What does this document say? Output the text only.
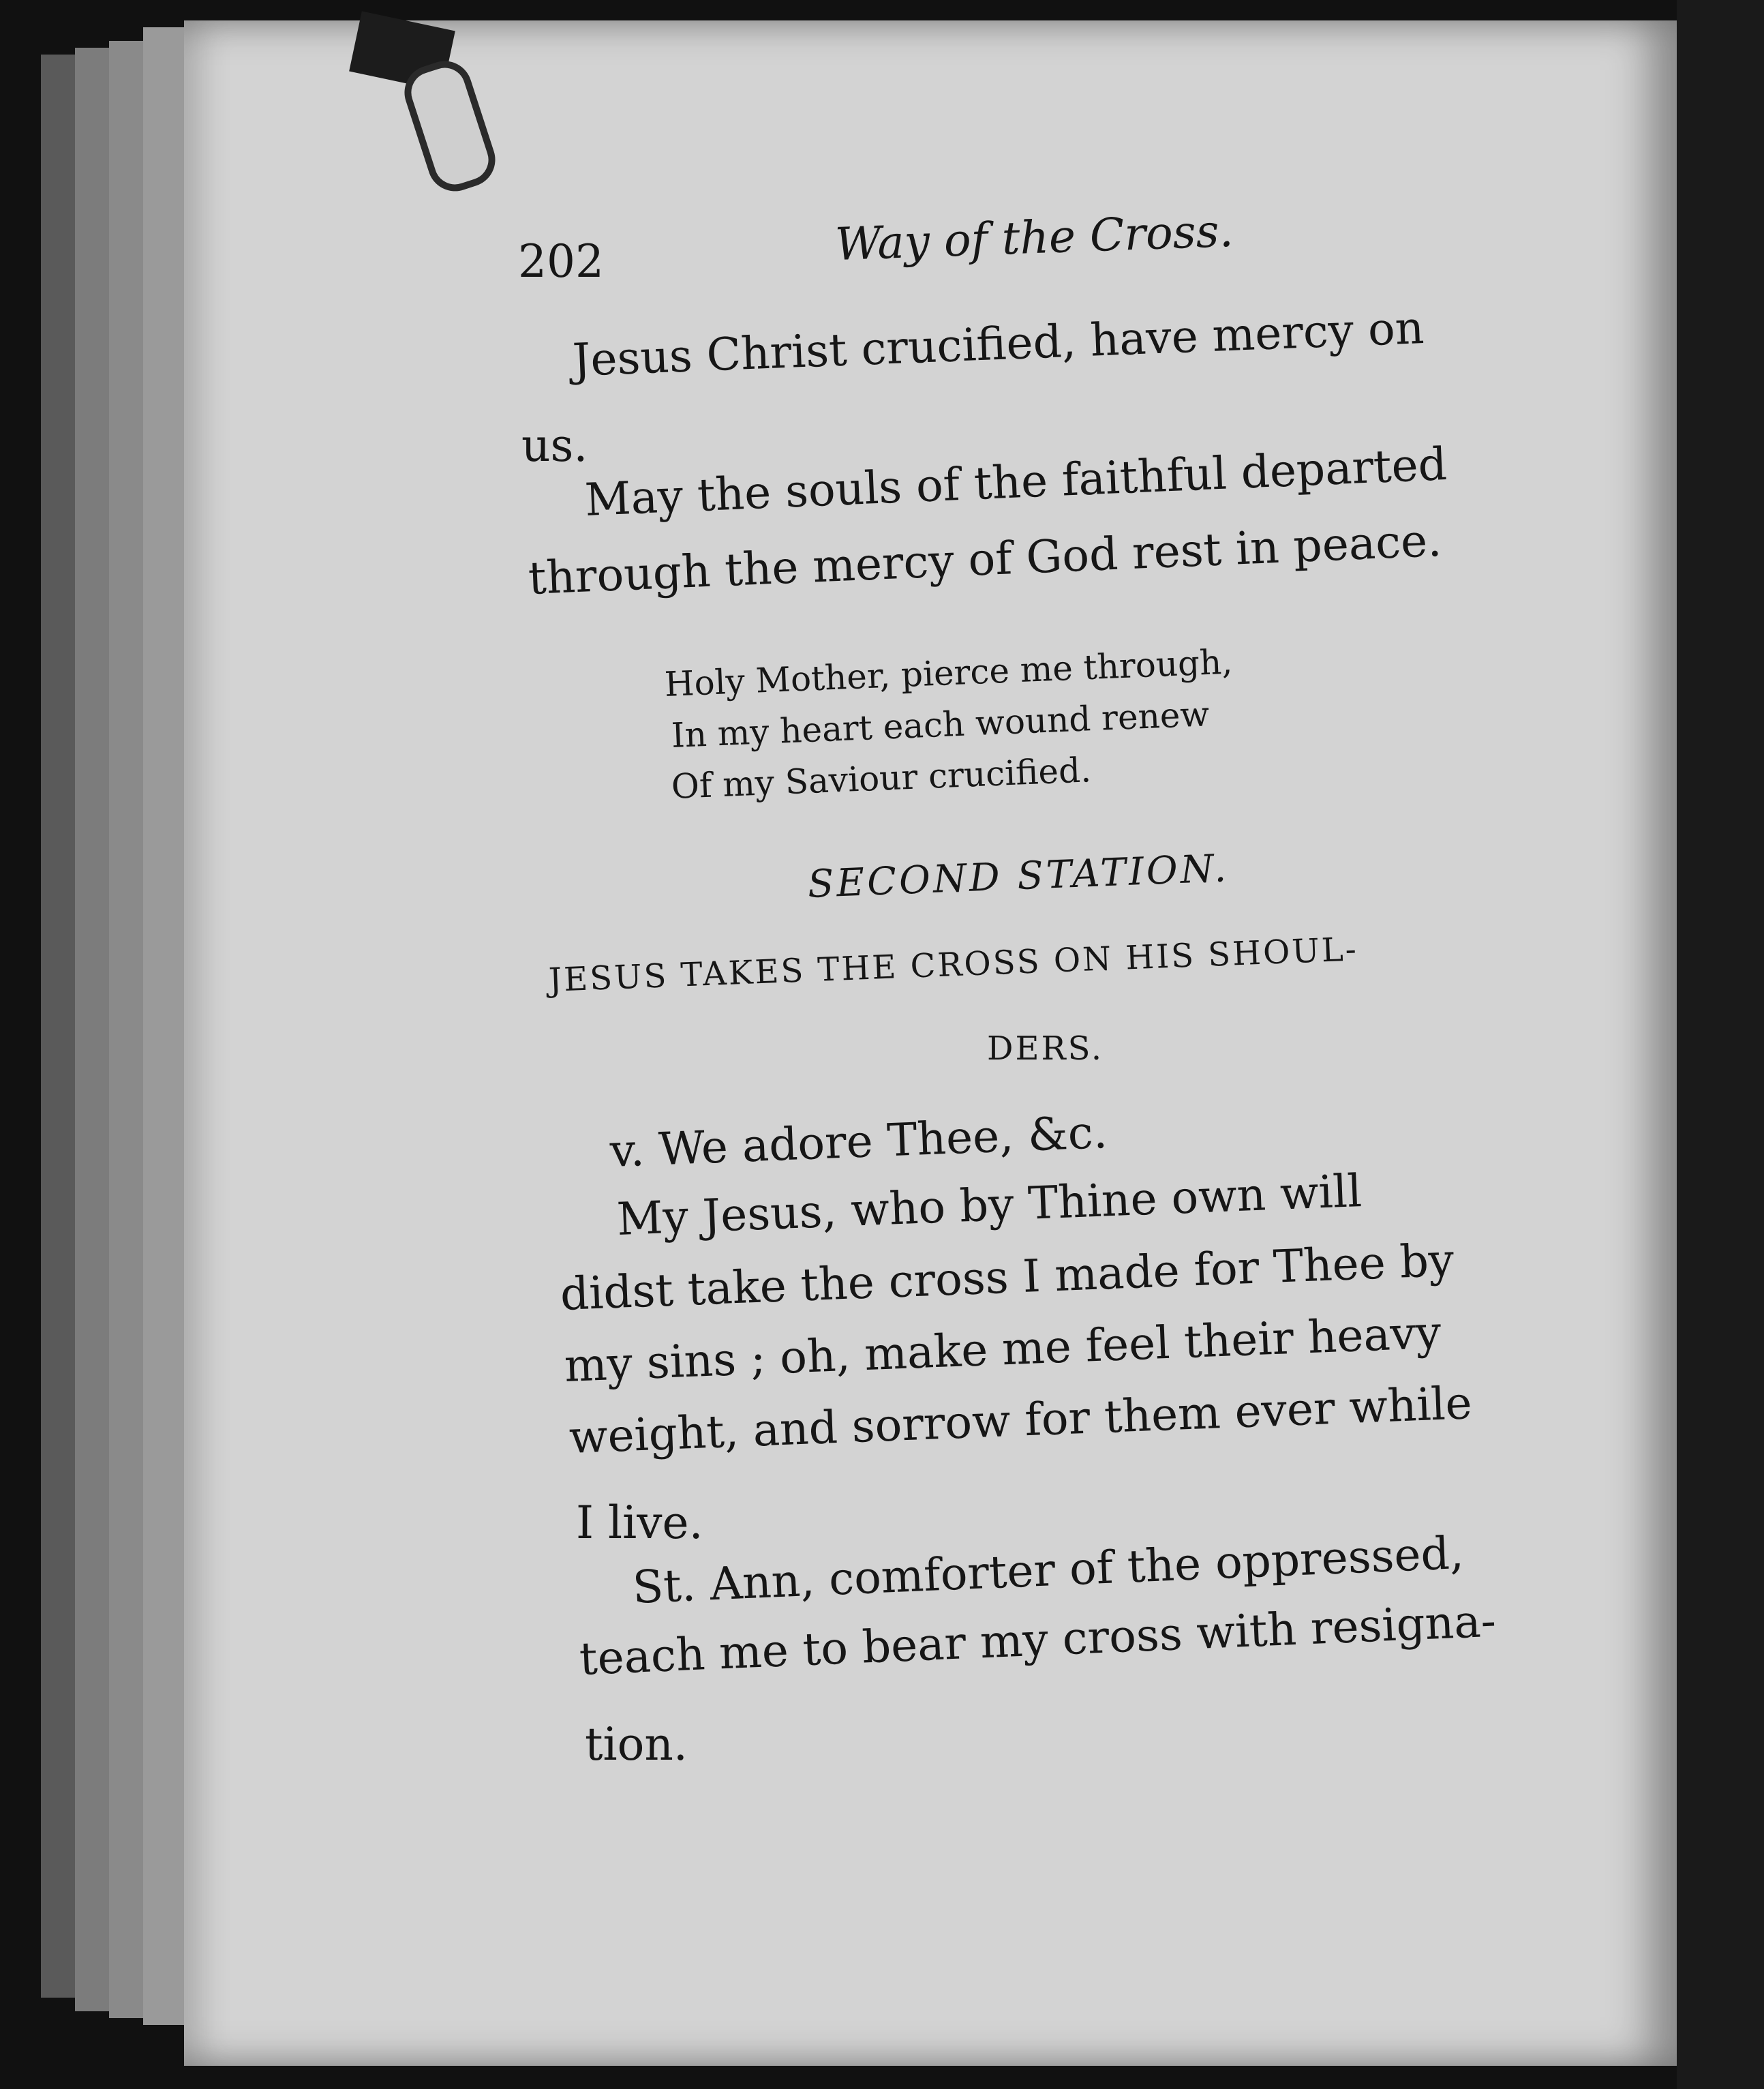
202	Way of the Cross.
Jesus Christ crucified, have mercy on
us.
May the souls of the faithful departed
through the mercy of God rest in peace.
Holy Mother, pierce me through,
In my heart each wound renew
Of my Saviour crucified.
SECOND STATION.
JESUS TAKES THE CROSS ON HIS SHOUL-
DERS.
v. We adore Thee, &c.
My Jesus, who by Thine own will
didst take the cross I made for Thee by
my sins ; oh, make me feel their heavy
weight, and sorrow for them ever while
I live.
St. Ann, comforter of the oppressed,
teach me to bear my cross with resigna-
tion.
